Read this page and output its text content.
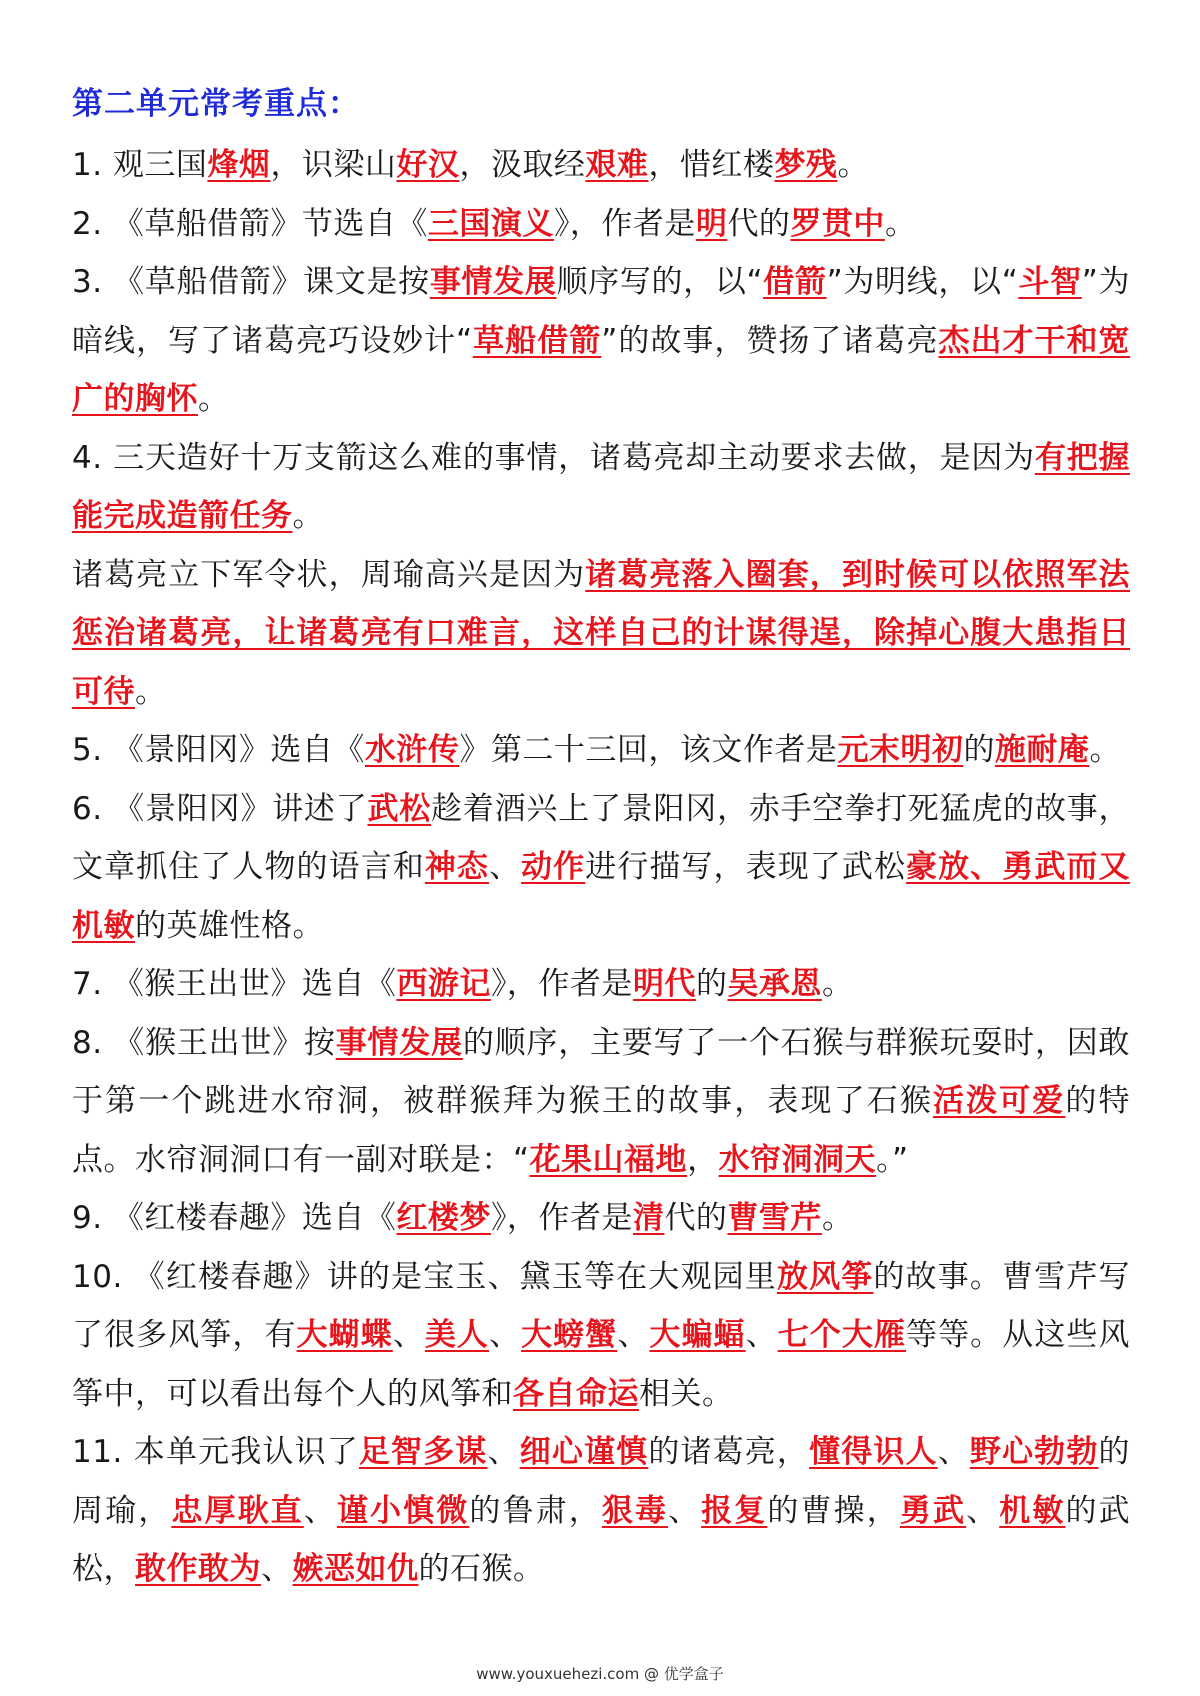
第二单元常考重点：
1. 观三国烽烟，识梁山好汉，汲取经艰难，惜红楼梦残。
2. 《草船借箭》节选自《三国演义》，作者是明代的罗贯中。
3. 《草船借箭》课文是按事情发展顺序写的，以“借箭”为明线，以“斗智”为暗线，写了诸葛亮巧设妙计“草船借箭”的故事，赞扬了诸葛亮杰出才干和宽广的胸怀。
4. 三天造好十万支箭这么难的事情，诸葛亮却主动要求去做，是因为有把握能完成造箭任务。
诸葛亮立下军令状，周瑜高兴是因为诸葛亮落入圈套，到时候可以依照军法惩治诸葛亮，让诸葛亮有口难言，这样自己的计谋得逞，除掉心腹大患指日可待。
5. 《景阳冈》选自《水浒传》第二十三回，该文作者是元末明初的施耐庵。
6. 《景阳冈》讲述了武松趁着酒兴上了景阳冈，赤手空拳打死猛虎的故事，文章抓住了人物的语言和神态、动作进行描写，表现了武松豪放、勇武而又机敏的英雄性格。
7. 《猴王出世》选自《西游记》，作者是明代的吴承恩。
8. 《猴王出世》按事情发展的顺序，主要写了一个石猴与群猴玩耍时，因敢于第一个跳进水帘洞，被群猴拜为猴王的故事，表现了石猴活泼可爱的特点。水帘洞洞口有一副对联是：“花果山福地，水帘洞洞天。”
9. 《红楼春趣》选自《红楼梦》，作者是清代的曹雪芹。
10. 《红楼春趣》讲的是宝玉、黛玉等在大观园里放风筝的故事。曹雪芹写了很多风筝，有大蝴蝶、美人、大螃蟹、大蝙蝠、七个大雁等等。从这些风筝中，可以看出每个人的风筝和各自命运相关。
11. 本单元我认识了足智多谋、细心谨慎的诸葛亮，懂得识人、野心勃勃的周瑜，忠厚耿直、谨小慎微的鲁肃，狠毒、报复的曹操，勇武、机敏的武松，敢作敢为、嫉恶如仇的石猴。
www.youxuehezi.com @ 优学盒子
